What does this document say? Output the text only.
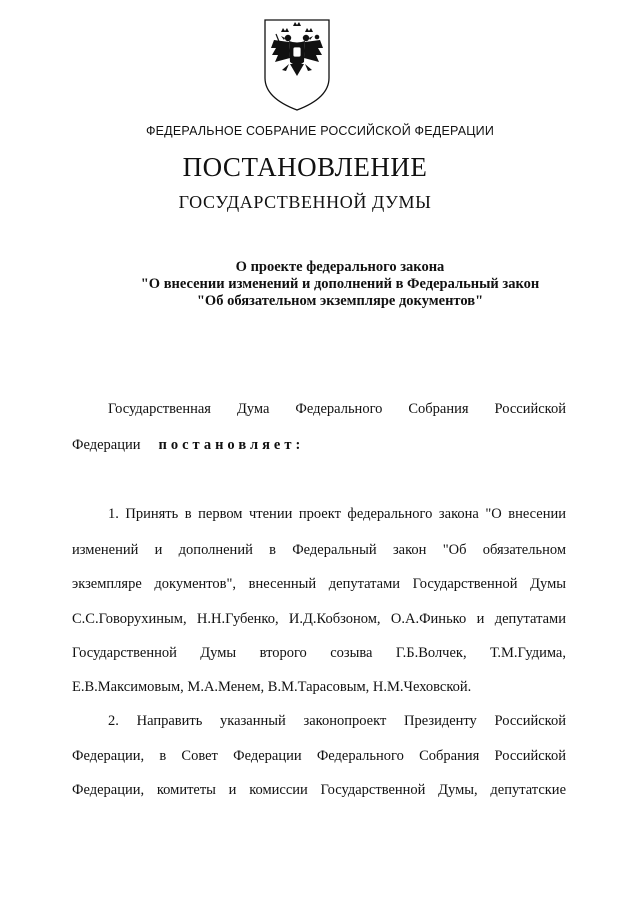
ФЕДЕРАЛЬНОЕ СОБРАНИЕ РОССИЙСКОЙ ФЕДЕРАЦИИ
ПОСТАНОВЛЕНИЕ
ГОСУДАРСТВЕННОЙ ДУМЫ
О проекте федерального закона
"О внесении изменений и дополнений в Федеральный закон
"Об обязательном экземпляре документов"
Государственная Дума Федерального Собрания Российской
Федерации постановляет:
1. Принять в первом чтении проект федерального закона "О внесении
изменений и дополнений в Федеральный закон "Об обязательном
экземпляре документов", внесенный депутатами Государственной Думы
С.С.Говорухиным, Н.Н.Губенко, И.Д.Кобзоном, О.А.Финько и депутатами
Государственной Думы второго созыва Г.Б.Волчек, Т.М.Гудима,
Е.В.Максимовым, М.А.Менем, В.М.Тарасовым, Н.М.Чеховской.
2. Направить указанный законопроект Президенту Российской
Федерации, в Совет Федерации Федерального Собрания Российской
Федерации, комитеты и комиссии Государственной Думы, депутатские
